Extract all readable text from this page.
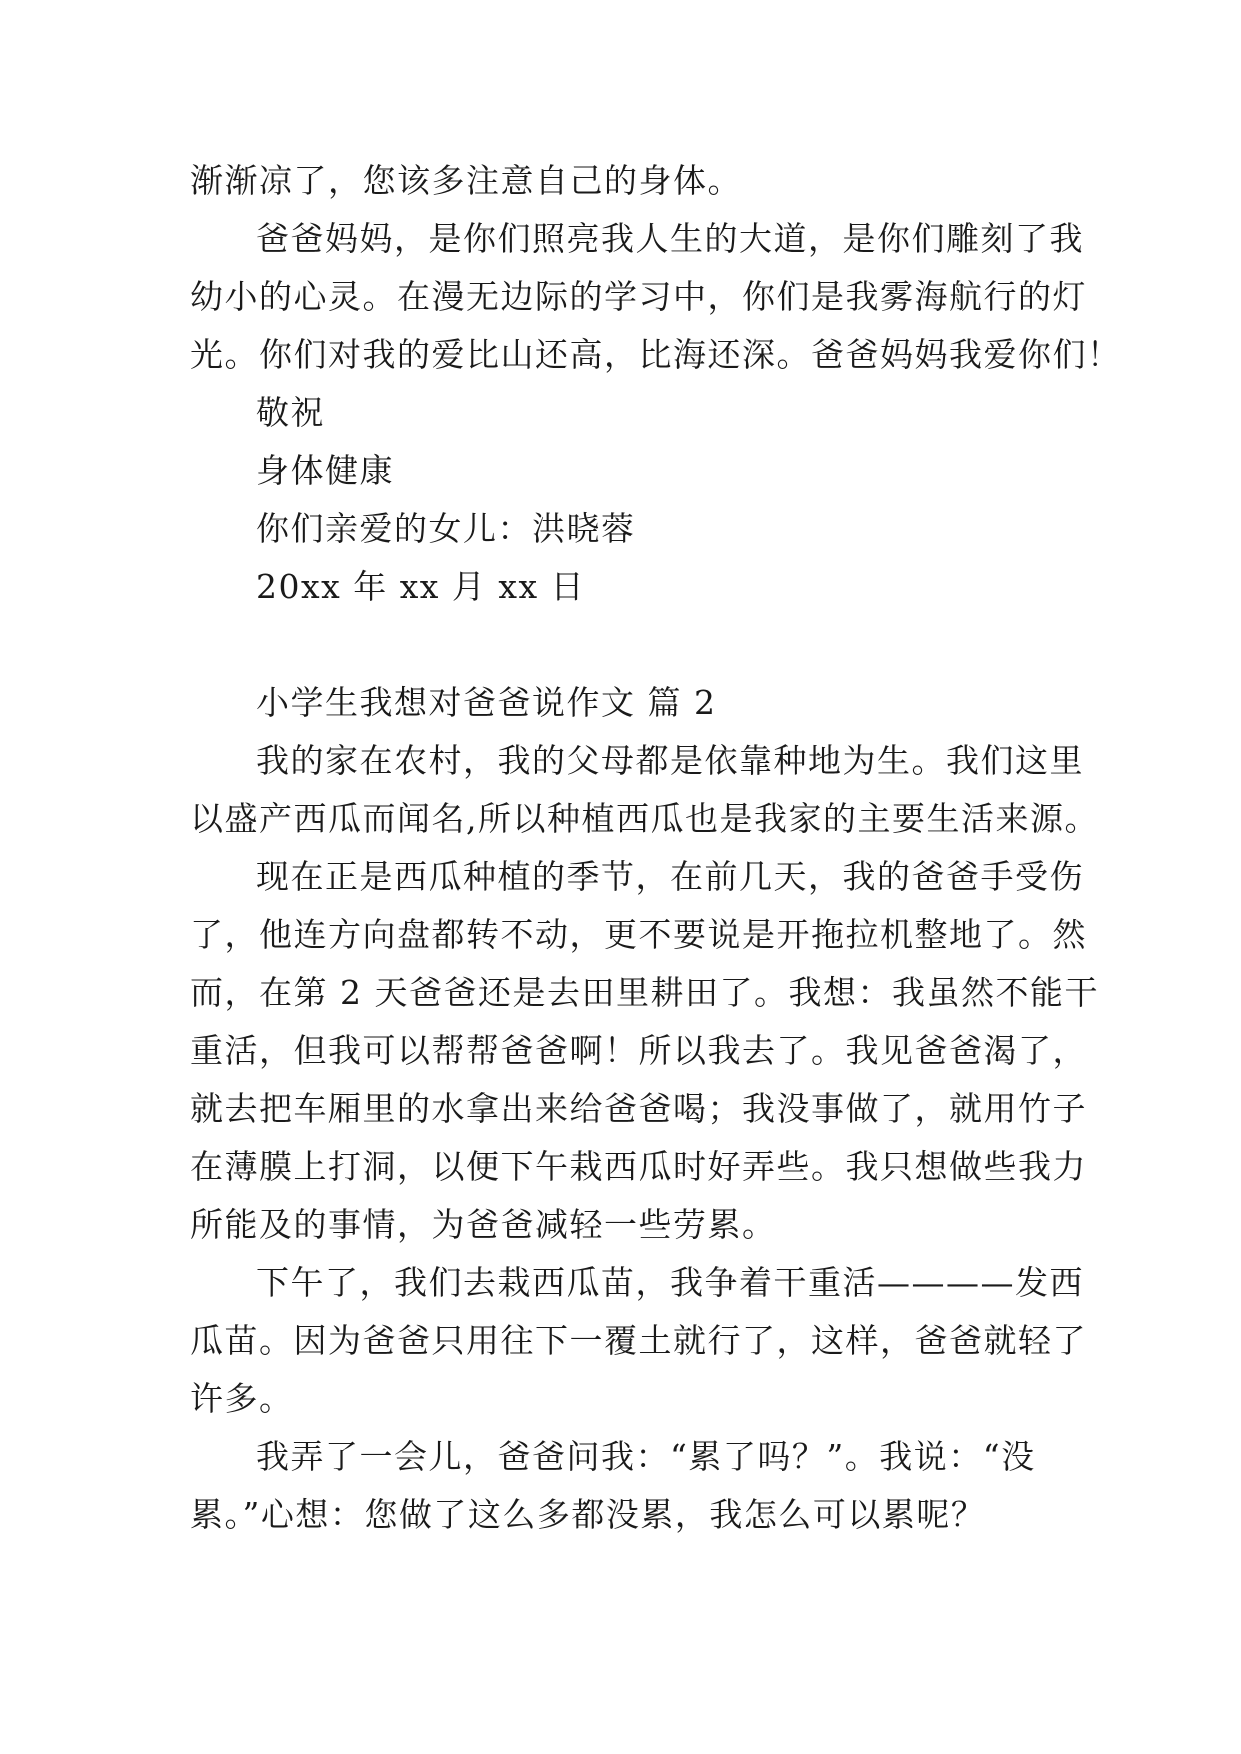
渐渐凉了，您该多注意自己的身体。
爸爸妈妈，是你们照亮我人生的大道，是你们雕刻了我
幼小的心灵。在漫无边际的学习中，你们是我雾海航行的灯
光。你们对我的爱比山还高，比海还深。爸爸妈妈我爱你们！
敬祝
身体健康
你们亲爱的女儿：洪晓蓉
20xx 年 xx 月 xx 日
小学生我想对爸爸说作文 篇 2
我的家在农村，我的父母都是依靠种地为生。我们这里
以盛产西瓜而闻名,所以种植西瓜也是我家的主要生活来源。
现在正是西瓜种植的季节，在前几天，我的爸爸手受伤
了，他连方向盘都转不动，更不要说是开拖拉机整地了。然
而，在第 2 天爸爸还是去田里耕田了。我想：我虽然不能干
重活，但我可以帮帮爸爸啊！所以我去了。我见爸爸渴了，
就去把车厢里的水拿出来给爸爸喝；我没事做了，就用竹子
在薄膜上打洞，以便下午栽西瓜时好弄些。我只想做些我力
所能及的事情，为爸爸减轻一些劳累。
下午了，我们去栽西瓜苗，我争着干重活————发西
瓜苗。因为爸爸只用往下一覆土就行了，这样，爸爸就轻了
许多。
我弄了一会儿，爸爸问我：“累了吗？”。我说：“没
累。”心想：您做了这么多都没累，我怎么可以累呢？
